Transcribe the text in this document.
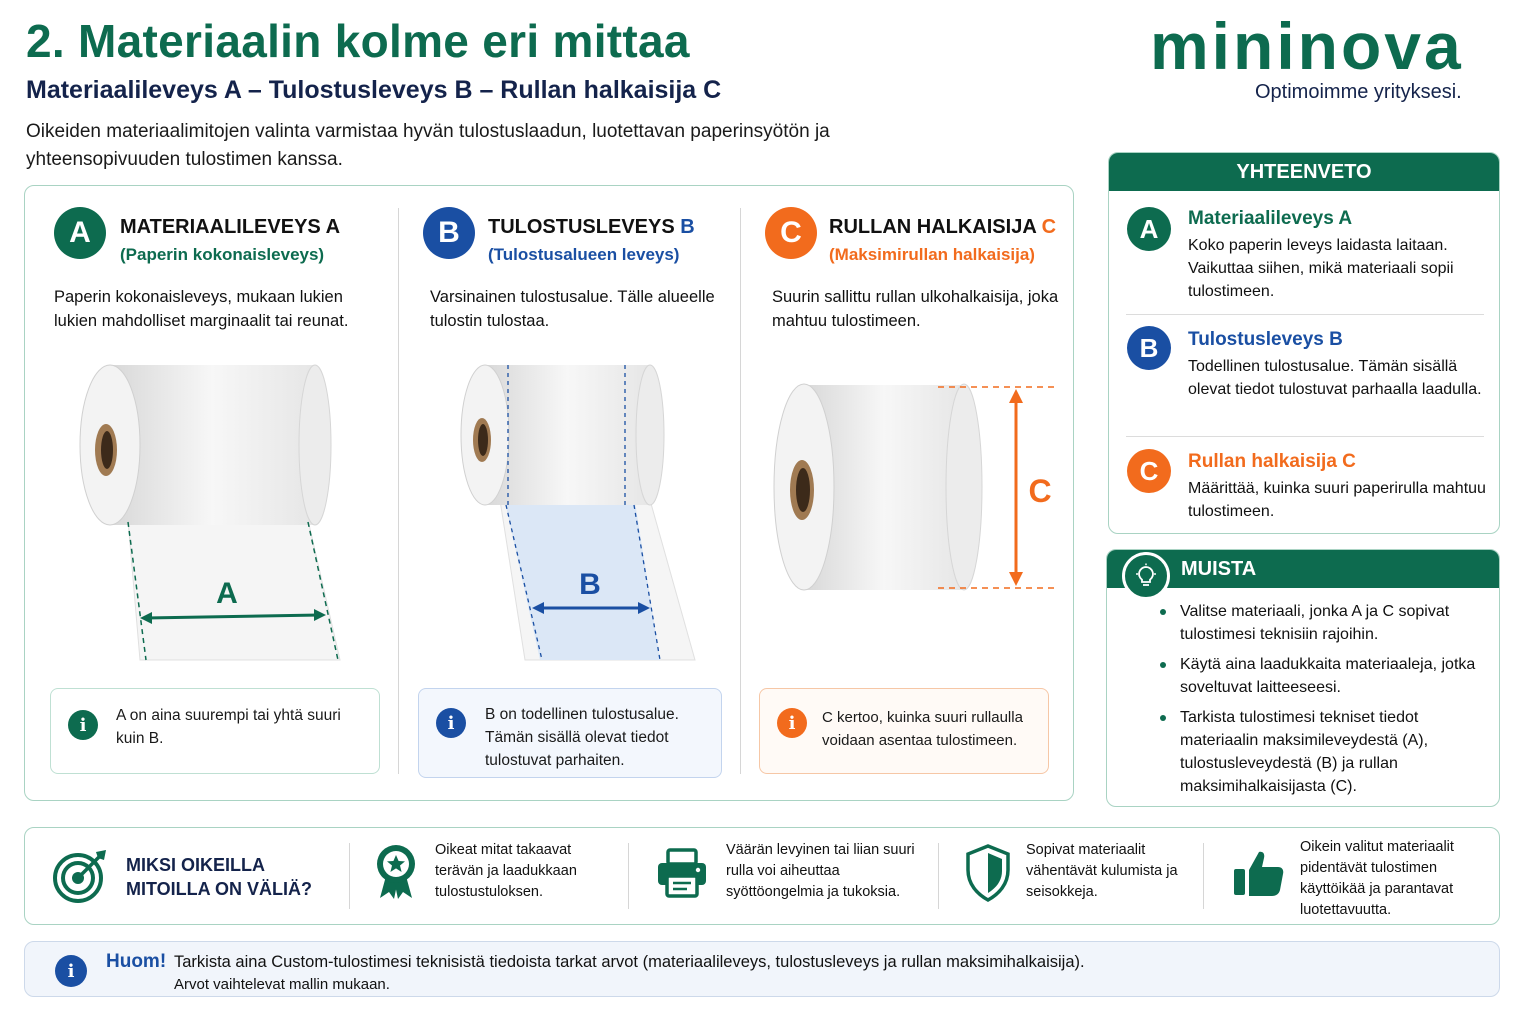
2. Materiaalin kolme eri mittaa
Materiaalileveys A – Tulostusleveys B – Rullan halkaisija C
Oikeiden materiaalimitojen valinta varmistaa hyvän tulostuslaadun, luotettavan paperinsyötön ja yhteensopivuuden tulostimen kanssa.
mininova
Optimoimme yrityksesi.
A	MATERIAALILEVEYS A
(Paperin kokonaisleveys)
Paperin kokonaisleveys, mukaan lukien lukien mahdolliset marginaalit tai reunat.
A
i	A on aina suurempi tai yhtä suuri kuin B.
B	TULOSTUSLEVEYS B
(Tulostusalueen leveys)
Varsinainen tulostusalue. Tälle alueelle tulostin tulostaa.
B
i	B on todellinen tulostusalue. Tämän sisällä olevat tiedot tulostuvat parhaiten.
C	RULLAN HALKAISIJA C
(Maksimirullan halkaisija)
Suurin sallittu rullan ulkohalkaisija, joka mahtuu tulostimeen.
C
i	C kertoo, kuinka suuri rullaulla voidaan asentaa tulostimeen.
YHTEENVETO
A	Materiaalileveys A
Koko paperin leveys laidasta laitaan. Vaikuttaa siihen, mikä materiaali sopii tulostimeen.
B	Tulostusleveys B
Todellinen tulostusalue. Tämän sisällä olevat tiedot tulostuvat parhaalla laadulla.
C	Rullan halkaisija C
Määrittää, kuinka suuri paperirulla mahtuu tulostimeen.
MUISTA
Valitse materiaali, jonka A ja C sopivat tulostimesi teknisiin rajoihin.
Käytä aina laadukkaita materiaaleja, jotka soveltuvat laitteeseesi.
Tarkista tulostimesi tekniset tiedot materiaalin maksimileveydestä (A), tulostusleveydestä (B) ja rullan maksimihalkaisijasta (C).
MIKSI OIKEILLA MITOILLA ON VÄLIÄ?
Oikeat mitat takaavat terävän ja laadukkaan tulostustuloksen.
Väärän levyinen tai liian suuri rulla voi aiheuttaa syöttöongelmia ja tukoksia.
Sopivat materiaalit vähentävät kulumista ja seisokkeja.
Oikein valitut materiaalit pidentävät tulostimen käyttöikää ja parantavat luotettavuutta.
i	Huom! Tarkista aina Custom-tulostimesi teknisistä tiedoista tarkat arvot (materiaalileveys, tulostusleveys ja rullan maksimihalkaisija).
Arvot vaihtelevat mallin mukaan.
